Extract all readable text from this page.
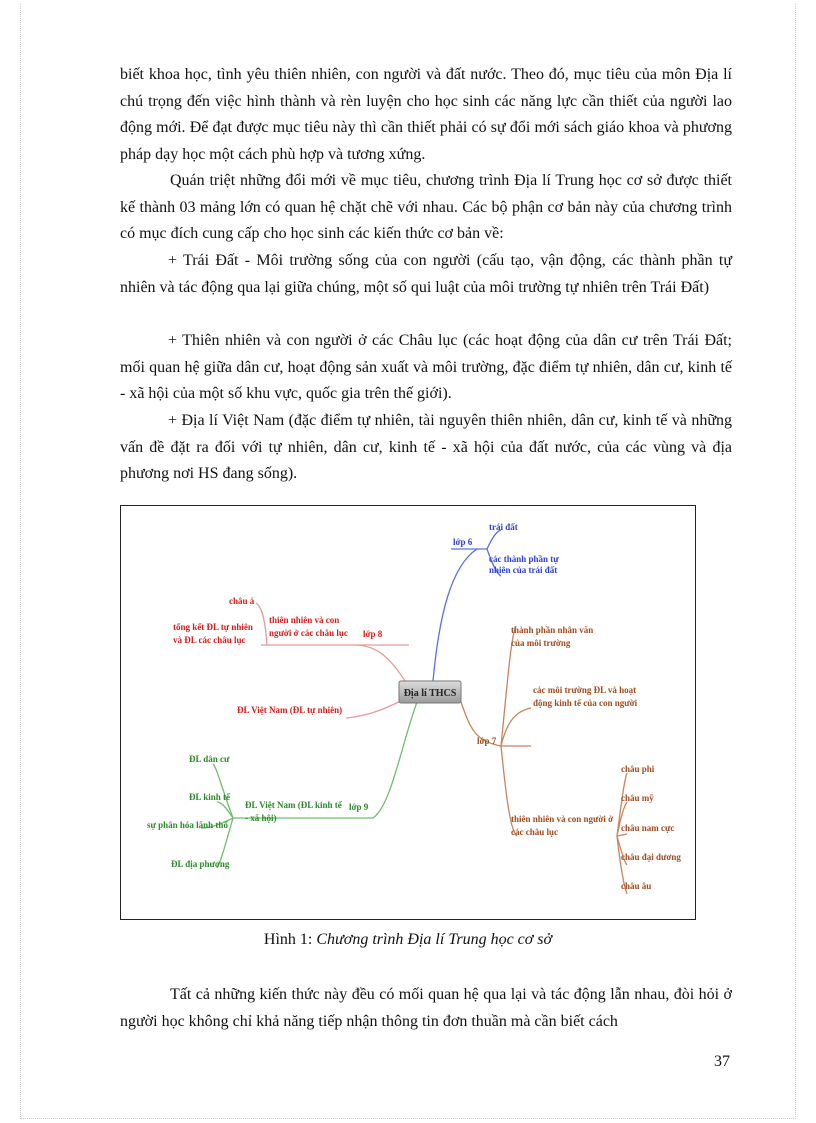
biết khoa học, tình yêu thiên nhiên, con người và đất nước. Theo đó, mục tiêu của môn Địa lí chú trọng đến việc hình thành và rèn luyện cho học sinh các năng lực cần thiết của người lao động mới. Để đạt được mục tiêu này thì cần thiết phải có sự đổi mới sách giáo khoa và phương pháp dạy học một cách phù hợp và tương xứng.

Quán triệt những đổi mới về mục tiêu, chương trình Địa lí Trung học cơ sở được thiết kế thành 03 mảng lớn có quan hệ chặt chẽ với nhau. Các bộ phận cơ bản này của chương trình có mục đích cung cấp cho học sinh các kiến thức cơ bản về:

+ Trái Đất - Môi trường sống của con người (cấu tạo, vận động, các thành phần tự nhiên và tác động qua lại giữa chúng, một số qui luật của môi trường tự nhiên trên Trái Đất)

+ Thiên nhiên và con người ở các Châu lục (các hoạt động của dân cư trên Trái Đất; mối quan hệ giữa dân cư, hoạt động sản xuất và môi trường, đặc điểm tự nhiên, dân cư, kinh tế - xã hội của một số khu vực, quốc gia trên thế giới).

+ Địa lí Việt Nam (đặc điểm tự nhiên, tài nguyên thiên nhiên, dân cư, kinh tế và những vấn đề đặt ra đối với tự nhiên, dân cư, kinh tế - xã hội của đất nước, của các vùng và địa phương nơi HS đang sống).

Địa lí THCS
lớp 6
trái đất
các thành phần tự
nhiên của trái đất
lớp 8
thiên nhiên và con
người ở các châu lục
châu á
tổng kết ĐL tự nhiên
và ĐL các châu lục
ĐL Việt Nam (ĐL tự nhiên)
lớp 7
thành phần nhân văn
của môi trường
các môi trường ĐL và hoạt
động kinh tế của con người
thiên nhiên và con người ở
các châu lục
châu phi
châu mỹ
châu nam cực
châu đại dương
châu âu
lớp 9
ĐL Việt Nam (ĐL kinh tế
- xã hội)
ĐL dân cư
ĐL kinh tế
sự phân hóa lãnh thổ
ĐL địa phương
Hình 1: Chương trình Địa lí Trung học cơ sở

Tất cả những kiến thức này đều có mối quan hệ qua lại và tác động lẫn nhau, đòi hỏi ở người học không chỉ khả năng tiếp nhận thông tin đơn thuần mà cần biết cách

37
